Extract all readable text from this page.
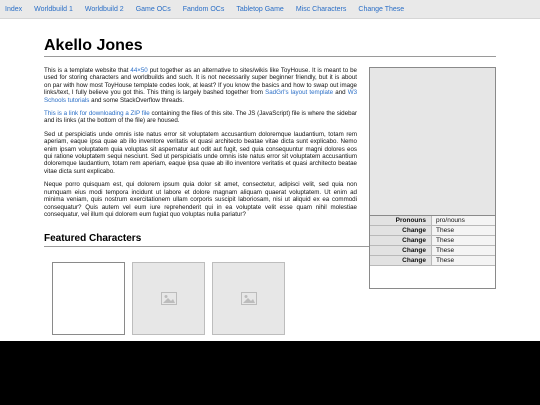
Index	Worldbuild 1	Worldbuild 2	Game OCs	Fandom OCs	Tabletop Game	Misc Characters	Change These
Akello Jones

This is a template website that 44×50 put together as an alternative to sites/wikis like ToyHouse. It is meant to be used for storing characters and worldbuilds and such. It is not necessarily super beginner friendly, but it is about on par with how most ToyHouse template codes look, at least? If you know the basics and how to swap out image links/text, I fully believe you got this. This thing is largely bashed together from SadGrl's layout template and W3 Schools tutorials and some StackOverflow threads.

This is a link for downloading a ZIP file containing the files of this site. The JS (JavaScript) file is where the sidebar and its links (at the bottom of the file) are housed.

Sed ut perspiciatis unde omnis iste natus error sit voluptatem accusantium doloremque laudantium, totam rem aperiam, eaque ipsa quae ab illo inventore veritatis et quasi architecto beatae vitae dicta sunt explicabo. Nemo enim ipsam voluptatem quia voluptas sit aspernatur aut odit aut fugit, sed quia consequuntur magni dolores eos qui ratione voluptatem sequi nesciunt. Sed ut perspiciatis unde omnis iste natus error sit voluptatem accusantium doloremque laudantium, totam rem aperiam, eaque ipsa quae ab illo inventore veritatis et quasi architecto beatae vitae dicta sunt explicabo.

Neque porro quisquam est, qui dolorem ipsum quia dolor sit amet, consectetur, adipisci velit, sed quia non numquam eius modi tempora incidunt ut labore et dolore magnam aliquam quaerat voluptatem. Ut enim ad minima veniam, quis nostrum exercitationem ullam corporis suscipit laboriosam, nisi ut aliquid ex ea commodi consequatur? Quis autem vel eum iure reprehenderit qui in ea voluptate velit esse quam nihil molestiae consequatur, vel illum qui dolorem eum fugiat quo voluptas nulla pariatur?

Featured Characters
Pronouns	pro/nouns
Change	These
Change	These
Change	These
Change	These
